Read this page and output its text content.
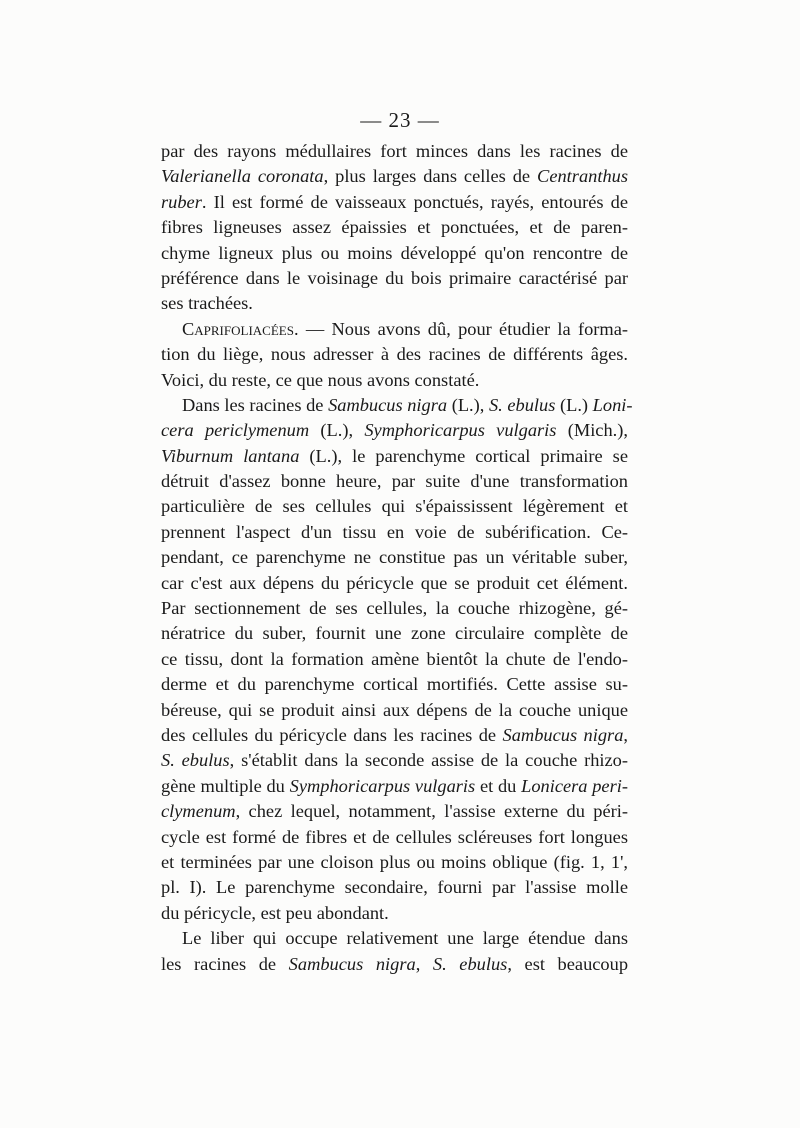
— 23 —
par des rayons médullaires fort minces dans les racines de
Valerianella coronata, plus larges dans celles de Centranthus
ruber. Il est formé de vaisseaux ponctués, rayés, entourés de
fibres ligneuses assez épaissies et ponctuées, et de paren-
chyme ligneux plus ou moins développé qu'on rencontre de
préférence dans le voisinage du bois primaire caractérisé par
ses trachées.
Caprifoliacées. — Nous avons dû, pour étudier la forma-
tion du liège, nous adresser à des racines de différents âges.
Voici, du reste, ce que nous avons constaté.
Dans les racines de Sambucus nigra (L.), S. ebulus (L.) Loni-
cera periclymenum (L.), Symphoricarpus vulgaris (Mich.),
Viburnum lantana (L.), le parenchyme cortical primaire se
détruit d'assez bonne heure, par suite d'une transformation
particulière de ses cellules qui s'épaississent légèrement et
prennent l'aspect d'un tissu en voie de subérification. Ce-
pendant, ce parenchyme ne constitue pas un véritable suber,
car c'est aux dépens du péricycle que se produit cet élément.
Par sectionnement de ses cellules, la couche rhizogène, gé-
nératrice du suber, fournit une zone circulaire complète de
ce tissu, dont la formation amène bientôt la chute de l'endo-
derme et du parenchyme cortical mortifiés. Cette assise su-
béreuse, qui se produit ainsi aux dépens de la couche unique
des cellules du péricycle dans les racines de Sambucus nigra,
S. ebulus, s'établit dans la seconde assise de la couche rhizo-
gène multiple du Symphoricarpus vulgaris et du Lonicera peri-
clymenum, chez lequel, notamment, l'assise externe du péri-
cycle est formé de fibres et de cellules scléreuses fort longues
et terminées par une cloison plus ou moins oblique (fig. 1, 1',
pl. I). Le parenchyme secondaire, fourni par l'assise molle
du péricycle, est peu abondant.
Le liber qui occupe relativement une large étendue dans
les racines de Sambucus nigra, S. ebulus, est beaucoup
